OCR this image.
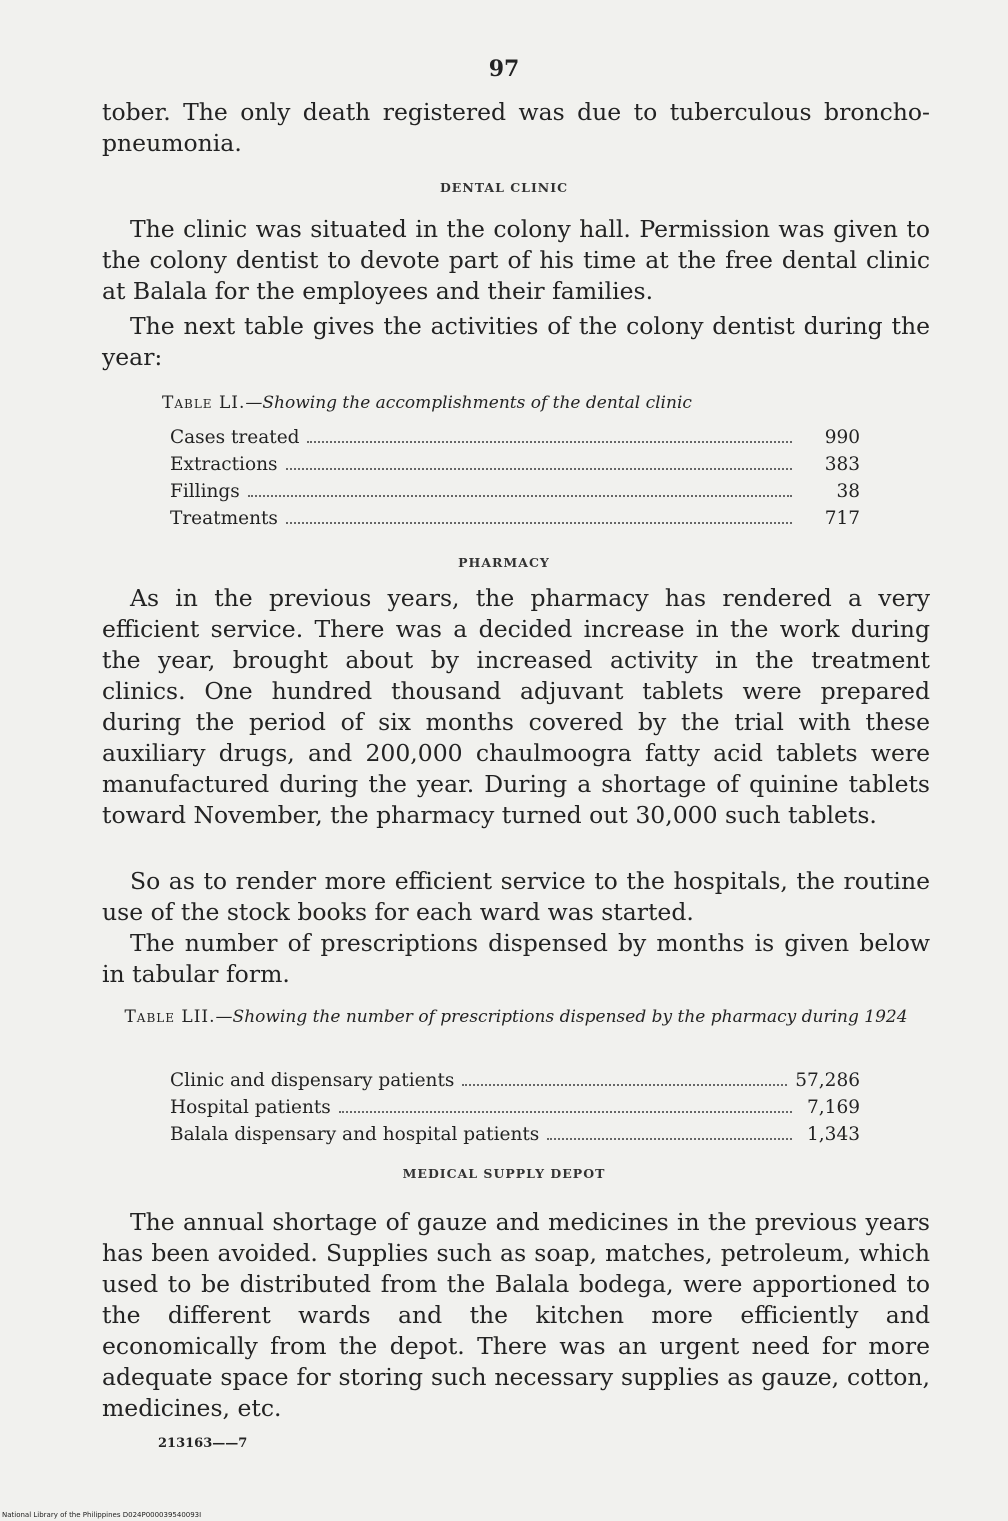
97

tober. The only death registered was due to tuberculous broncho-pneumonia.

DENTAL CLINIC

The clinic was situated in the colony hall. Permission was given to the colony dentist to devote part of his time at the free dental clinic at Balala for the employees and their families.

The next table gives the activities of the colony dentist during the year:

Table LI.—Showing the accomplishments of the dental clinic
Cases treated	990
Extractions	383
Fillings	38
Treatments	717
PHARMACY

As in the previous years, the pharmacy has rendered a very efficient service. There was a decided increase in the work during the year, brought about by increased activity in the treatment clinics. One hundred thousand adjuvant tablets were prepared during the period of six months covered by the trial with these auxiliary drugs, and 200,000 chaulmoogra fatty acid tablets were manufactured during the year. During a shortage of quinine tablets toward November, the pharmacy turned out 30,000 such tablets.

So as to render more efficient service to the hospitals, the routine use of the stock books for each ward was started.

The number of prescriptions dispensed by months is given below in tabular form.

Table LII.—Showing the number of prescriptions dispensed by the pharmacy during 1924
Clinic and dispensary patients	57,286
Hospital patients	7,169
Balala dispensary and hospital patients	1,343
MEDICAL SUPPLY DEPOT

The annual shortage of gauze and medicines in the previous years has been avoided. Supplies such as soap, matches, petroleum, which used to be distributed from the Balala bodega, were apportioned to the different wards and the kitchen more efficiently and economically from the depot. There was an urgent need for more adequate space for storing such necessary supplies as gauze, cotton, medicines, etc.

213163——7
National Library of the Philippines D024P000039540093I
